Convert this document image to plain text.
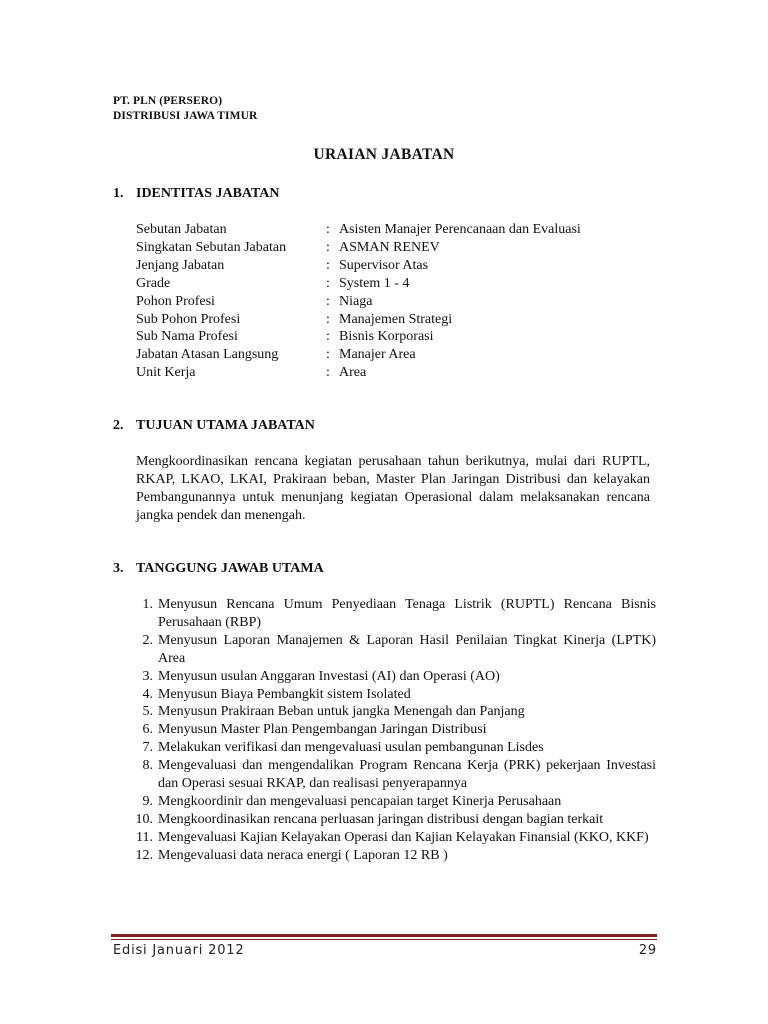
PT. PLN (PERSERO)
DISTRIBUSI JAWA TIMUR
URAIAN JABATAN
1. IDENTITAS JABATAN
Sebutan Jabatan	: Asisten Manajer Perencanaan dan Evaluasi
Singkatan Sebutan Jabatan	: ASMAN RENEV
Jenjang Jabatan	: Supervisor Atas
Grade	: System 1 - 4
Pohon Profesi	: Niaga
Sub Pohon Profesi	: Manajemen Strategi
Sub Nama Profesi	: Bisnis Korporasi
Jabatan Atasan Langsung	: Manajer Area
Unit Kerja	: Area
2. TUJUAN UTAMA JABATAN
Mengkoordinasikan rencana kegiatan perusahaan tahun berikutnya, mulai dari RUPTL, RKAP, LKAO, LKAI, Prakiraan beban, Master Plan Jaringan Distribusi dan kelayakan Pembangunannya untuk menunjang kegiatan Operasional dalam melaksanakan rencana jangka pendek dan menengah.
3. TANGGUNG JAWAB UTAMA
1. Menyusun Rencana Umum Penyediaan Tenaga Listrik (RUPTL) Rencana Bisnis Perusahaan (RBP)
2. Menyusun Laporan Manajemen & Laporan Hasil Penilaian Tingkat Kinerja (LPTK) Area
3. Menyusun usulan Anggaran Investasi (AI) dan Operasi (AO)
4. Menyusun Biaya Pembangkit sistem Isolated
5. Menyusun Prakiraan Beban untuk jangka Menengah dan Panjang
6. Menyusun Master Plan Pengembangan Jaringan Distribusi
7. Melakukan verifikasi dan mengevaluasi usulan pembangunan Lisdes
8. Mengevaluasi dan mengendalikan Program Rencana Kerja (PRK) pekerjaan Investasi dan Operasi sesuai RKAP, dan realisasi penyerapannya
9. Mengkoordinir dan mengevaluasi pencapaian target Kinerja Perusahaan
10. Mengkoordinasikan rencana perluasan jaringan distribusi dengan bagian terkait
11. Mengevaluasi Kajian Kelayakan Operasi dan Kajian Kelayakan Finansial (KKO, KKF)
12. Mengevaluasi data neraca energi ( Laporan 12 RB )
Edisi Januari 2012	29
